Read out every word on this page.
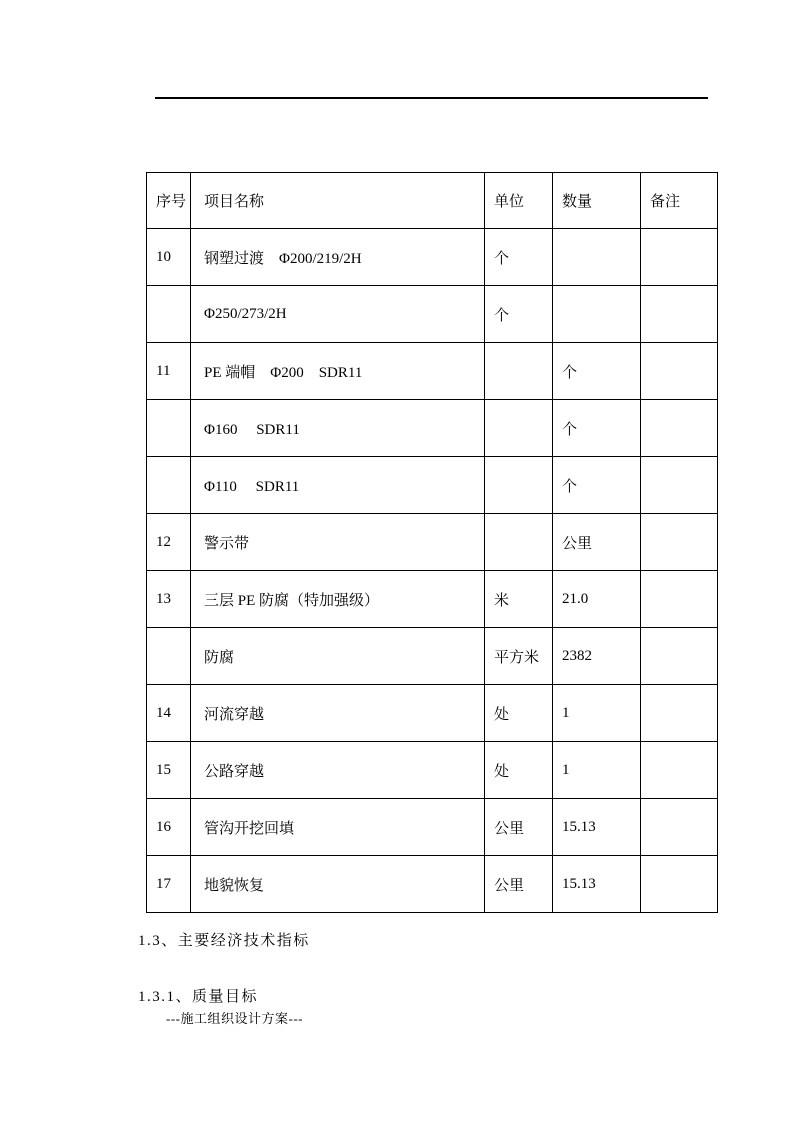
序号	项目名称	单位	数量	备注
10	钢塑过渡　Φ200/219/2H	个		
	Φ250/273/2H	个		
11	PE 端帽　Φ200　SDR11		个	
	Φ160　 SDR11		个	
	Φ110　 SDR11		个	
12	警示带		公里	
13	三层 PE 防腐（特加强级）	米	21.0	
	防腐	平方米	2382	
14	河流穿越	处	1	
15	公路穿越	处	1	
16	管沟开挖回填	公里	15.13	
17	地貌恢复	公里	15.13	
1.3、主要经济技术指标
1.3.1、质量目标
---施工组织设计方案---
